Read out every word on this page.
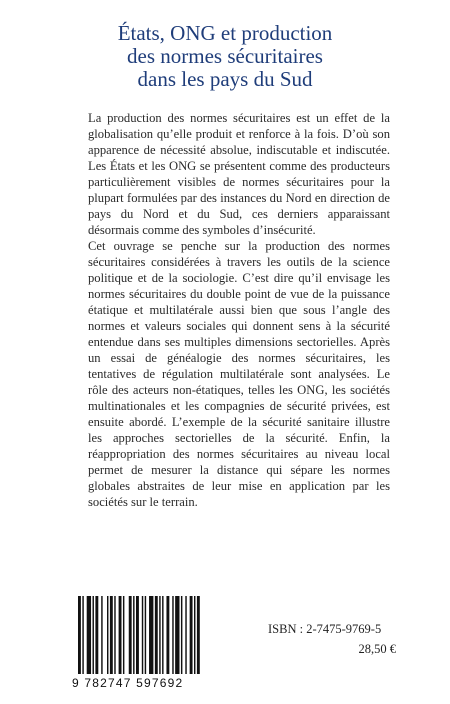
États, ONG et production
des normes sécuritaires
dans les pays du Sud

La production des normes sécuritaires est un effet de la globalisation qu’elle produit et renforce à la fois. D’où son apparence de nécessité absolue, indiscutable et indiscutée. Les États et les ONG se présentent comme des producteurs particulièrement visibles de normes sécuritaires pour la plupart formulées par des instances du Nord en direction de pays du Nord et du Sud, ces derniers apparaissant désormais comme des symboles d’insécurité.

Cet ouvrage se penche sur la production des normes sécuritaires considérées à travers les outils de la science politique et de la sociologie. C’est dire qu’il envisage les normes sécuritaires du double point de vue de la puissance étatique et multilatérale aussi bien que sous l’angle des normes et valeurs sociales qui donnent sens à la sécurité entendue dans ses multiples dimensions sectorielles. Après un essai de généalogie des normes sécuritaires, les tentatives de régulation multilatérale sont analysées. Le rôle des acteurs non-étatiques, telles les ONG, les sociétés multinationales et les compagnies de sécurité privées, est ensuite abordé. L’exemple de la sécurité sanitaire illustre les approches sectorielles de la sécurité. Enfin, la réappropriation des normes sécuritaires au niveau local permet de mesurer la distance qui sépare les normes globales abstraites de leur mise en application par les sociétés sur le terrain.

9 782747 597692
ISBN : 2-7475-9769-5
28,50 €
